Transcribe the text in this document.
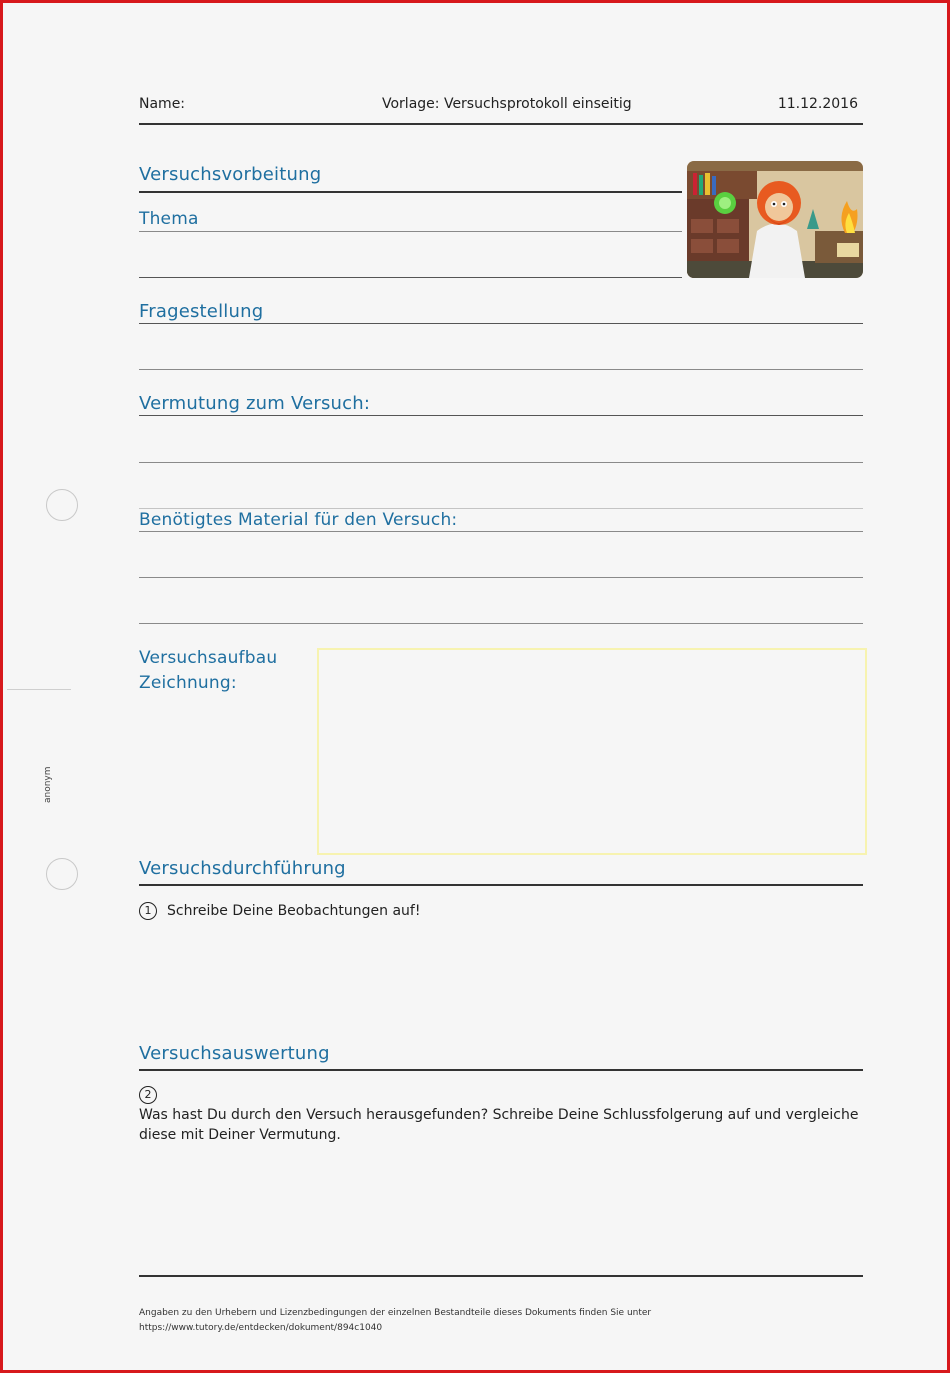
Name:	Vorlage: Versuchsprotokoll einseitig	11.12.2016
anonym
Versuchsvorbeitung
Thema
Fragestellung
Vermutung zum Versuch:
Benötigtes Material für den Versuch:
Versuchsaufbau
Zeichnung:
Versuchsdurchführung
1 Schreibe Deine Beobachtungen auf!
Versuchsauswertung
2Was hast Du durch den Versuch herausgefunden? Schreibe Deine Schlussfolgerung auf und vergleiche
diese mit Deiner Vermutung.
Angaben zu den Urhebern und Lizenzbedingungen der einzelnen Bestandteile dieses Dokuments finden Sie unter
https://www.tutory.de/entdecken/dokument/894c1040
